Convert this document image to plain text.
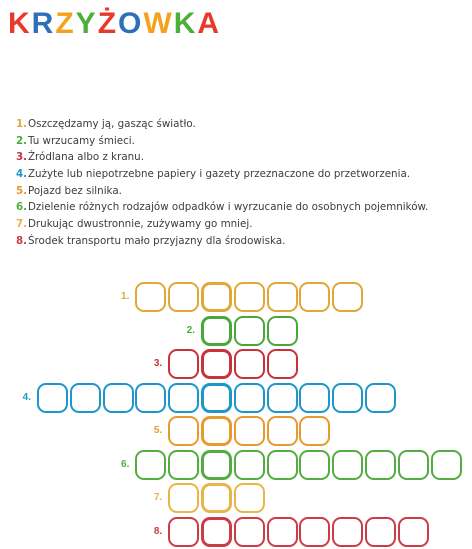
KRZYŻOWKA
1.Oszczędzamy ją, gasząc światło.
2.Tu wrzucamy śmieci.
3.Źródlana albo z kranu.
4.Zużyte lub niepotrzebne papiery i gazety przeznaczone do przetworzenia.
5.Pojazd bez silnika.
6.Dzielenie różnych rodzajów odpadków i wyrzucanie do osobnych pojemników.
7.Drukując dwustronnie, zużywamy go mniej.
8.Środek transportu mało przyjazny dla środowiska.
1.
2.
3.
4.
5.
6.
7.
8.
